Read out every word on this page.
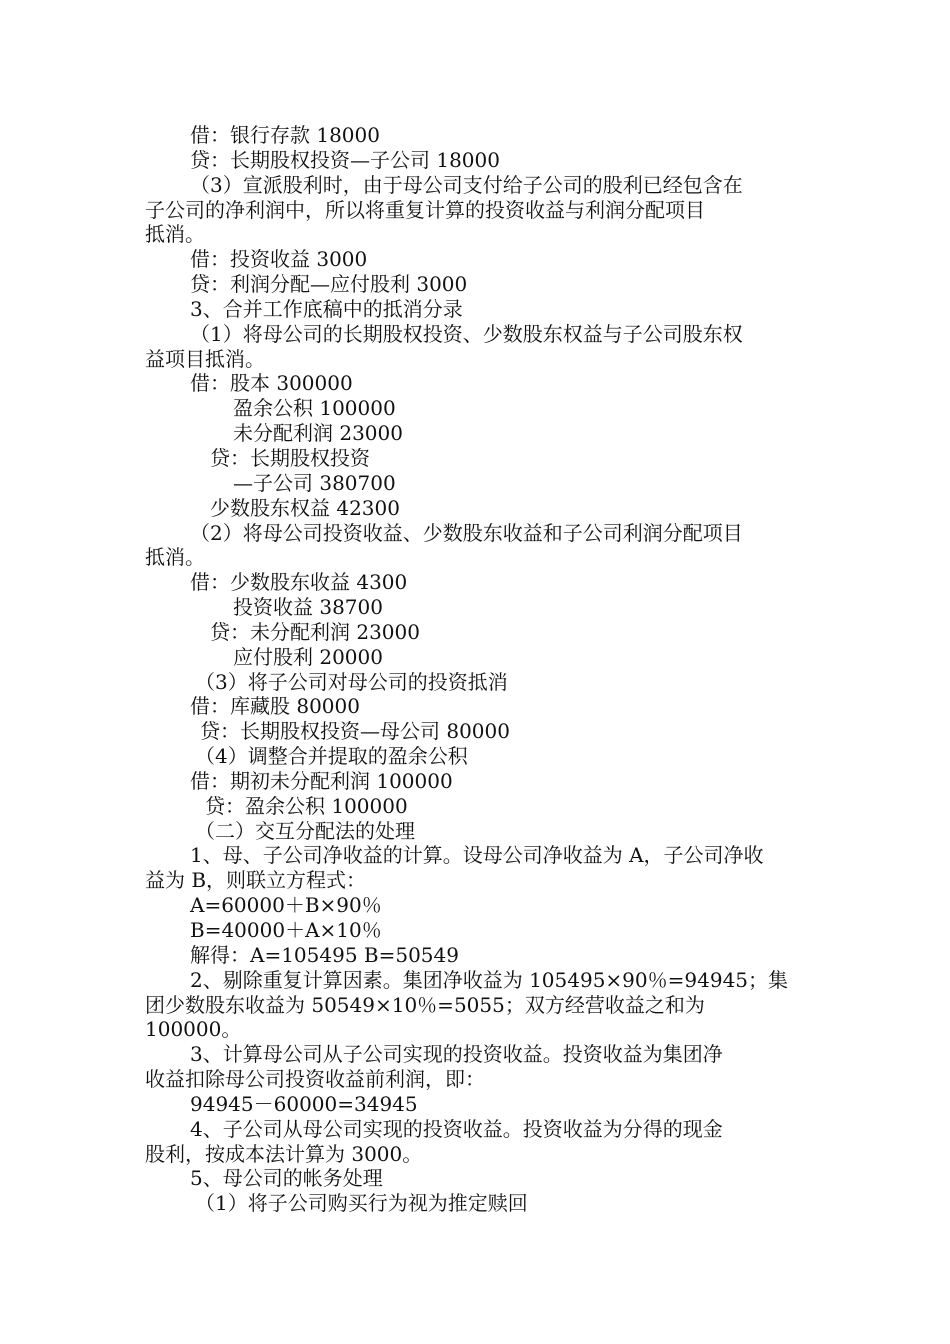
借：银行存款 18000
贷：长期股权投资—子公司 18000
（3）宣派股利时，由于母公司支付给子公司的股利已经包含在
子公司的净利润中，所以将重复计算的投资收益与利润分配项目
抵消。
借：投资收益 3000
贷：利润分配—应付股利 3000
3、合并工作底稿中的抵消分录
（1）将母公司的长期股权投资、少数股东权益与子公司股东权
益项目抵消。
借：股本 300000
盈余公积 100000
未分配利润 23000
贷：长期股权投资
—子公司 380700
少数股东权益 42300
（2）将母公司投资收益、少数股东收益和子公司利润分配项目
抵消。
借：少数股东收益 4300
投资收益 38700
贷：未分配利润 23000
应付股利 20000
（3）将子公司对母公司的投资抵消
借：库藏股 80000
贷：长期股权投资—母公司 80000
（4）调整合并提取的盈余公积
借：期初未分配利润 100000
贷：盈余公积 100000
（二）交互分配法的处理
1、母、子公司净收益的计算。设母公司净收益为 A，子公司净收
益为 B，则联立方程式：
A=60000＋B×90％
B=40000＋A×10％
解得：A=105495 B=50549
2、剔除重复计算因素。集团净收益为 105495×90％=94945；集
团少数股东收益为 50549×10％=5055；双方经营收益之和为
100000。
3、计算母公司从子公司实现的投资收益。投资收益为集团净
收益扣除母公司投资收益前利润，即：
94945－60000=34945
4、子公司从母公司实现的投资收益。投资收益为分得的现金
股利，按成本法计算为 3000。
5、母公司的帐务处理
（1）将子公司购买行为视为推定赎回
